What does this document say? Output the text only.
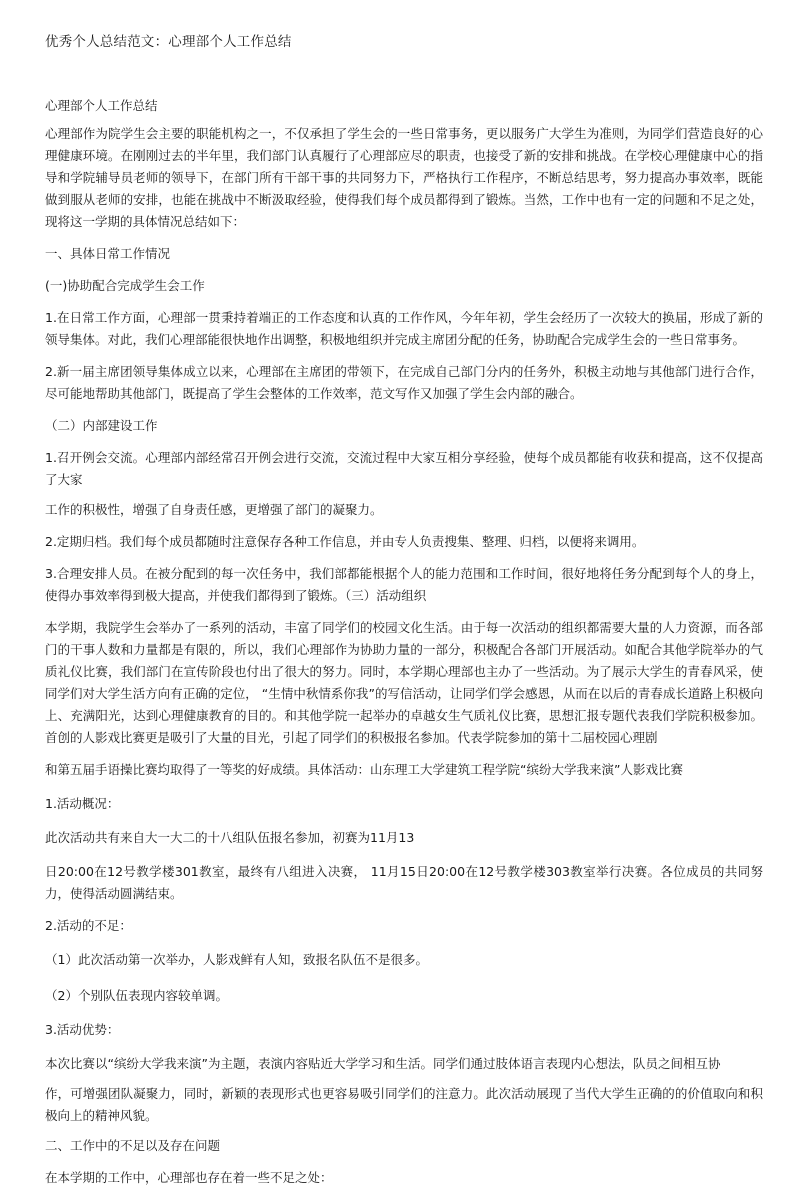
优秀个人总结范文：心理部个人工作总结

心理部个人工作总结

心理部作为院学生会主要的职能机构之一，不仅承担了学生会的一些日常事务，更以服务广大学生为准则，为同学们营造良好的心理健康环境。在刚刚过去的半年里，我们部门认真履行了心理部应尽的职责，也接受了新的安排和挑战。在学校心理健康中心的指导和学院辅导员老师的领导下，在部门所有干部干事的共同努力下，严格执行工作程序，不断总结思考，努力提高办事效率，既能做到服从老师的安排，也能在挑战中不断汲取经验，使得我们每个成员都得到了锻炼。当然，工作中也有一定的问题和不足之处，现将这一学期的具体情况总结如下：

一、具体日常工作情况

(一)协助配合完成学生会工作

1.在日常工作方面，心理部一贯秉持着端正的工作态度和认真的工作作风，今年年初，学生会经历了一次较大的换届，形成了新的领导集体。对此，我们心理部能很快地作出调整，积极地组织并完成主席团分配的任务，协助配合完成学生会的一些日常事务。

2.新一届主席团领导集体成立以来，心理部在主席团的带领下，在完成自己部门分内的任务外，积极主动地与其他部门进行合作，尽可能地帮助其他部门，既提高了学生会整体的工作效率，范文写作又加强了学生会内部的融合。

（二）内部建设工作

1.召开例会交流。心理部内部经常召开例会进行交流，交流过程中大家互相分享经验，使每个成员都能有收获和提高，这不仅提高了大家

工作的积极性，增强了自身责任感，更增强了部门的凝聚力。

2.定期归档。我们每个成员都随时注意保存各种工作信息，并由专人负责搜集、整理、归档，以便将来调用。

3.合理安排人员。在被分配到的每一次任务中，我们部都能根据个人的能力范围和工作时间，很好地将任务分配到每个人的身上，使得办事效率得到极大提高，并使我们都得到了锻炼。（三）活动组织

本学期，我院学生会举办了一系列的活动，丰富了同学们的校园文化生活。由于每一次活动的组织都需要大量的人力资源，而各部门的干事人数和力量都是有限的，所以，我们心理部作为协助力量的一部分，积极配合各部门开展活动。如配合其他学院举办的气质礼仪比赛，我们部门在宣传阶段也付出了很大的努力。同时，本学期心理部也主办了一些活动。为了展示大学生的青春风采，使同学们对大学生活方向有正确的定位， “生情中秋情系你我”的写信活动，让同学们学会感恩，从而在以后的青春成长道路上积极向上、充满阳光，达到心理健康教育的目的。和其他学院一起举办的卓越女生气质礼仪比赛，思想汇报专题代表我们学院积极参加。首创的人影戏比赛更是吸引了大量的目光，引起了同学们的积极报名参加。代表学院参加的第十二届校园心理剧

和第五届手语操比赛均取得了一等奖的好成绩。具体活动：山东理工大学建筑工程学院“缤纷大学我来演”人影戏比赛

1.活动概况：

此次活动共有来自大一大二的十八组队伍报名参加，初赛为11月13

日20:00在12号教学楼301教室，最终有八组进入决赛， 11月15日20:00在12号教学楼303教室举行决赛。各位成员的共同努力，使得活动圆满结束。

2.活动的不足：

（1）此次活动第一次举办，人影戏鲜有人知，致报名队伍不是很多。

（2）个别队伍表现内容较单调。

3.活动优势：

本次比赛以“缤纷大学我来演”为主题，表演内容贴近大学学习和生活。同学们通过肢体语言表现内心想法，队员之间相互协

作，可增强团队凝聚力，同时，新颖的表现形式也更容易吸引同学们的注意力。此次活动展现了当代大学生正确的的价值取向和积极向上的精神风貌。

二、工作中的不足以及存在问题

在本学期的工作中，心理部也存在着一些不足之处：
